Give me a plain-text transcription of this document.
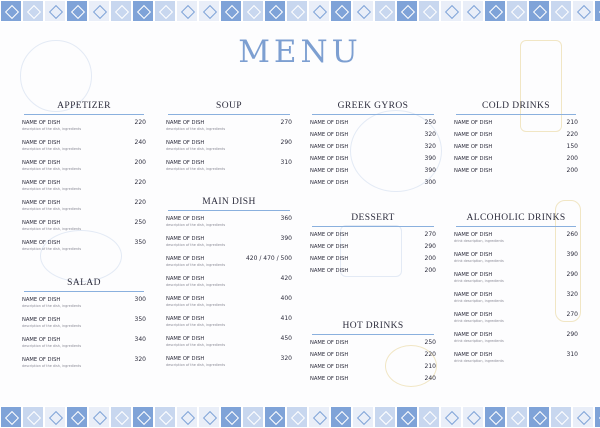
MENU
APPETIZER
NAME OF DISH
description of the dish, ingredients
220
NAME OF DISH
description of the dish, ingredients
240
NAME OF DISH
description of the dish, ingredients
200
NAME OF DISH
description of the dish, ingredients
220
NAME OF DISH
description of the dish, ingredients
220
NAME OF DISH
description of the dish, ingredients
250
NAME OF DISH
description of the dish, ingredients
350
SALAD
NAME OF DISH
description of the dish, ingredients
300
NAME OF DISH
description of the dish, ingredients
350
NAME OF DISH
description of the dish, ingredients
340
NAME OF DISH
description of the dish, ingredients
320
SOUP
NAME OF DISH
description of the dish, ingredients
270
NAME OF DISH
description of the dish, ingredients
290
NAME OF DISH
description of the dish, ingredients
310
MAIN DISH
NAME OF DISH
description of the dish, ingredients
360
NAME OF DISH
description of the dish, ingredients
390
NAME OF DISH
description of the dish, ingredients
420 / 470 / 500
NAME OF DISH
description of the dish, ingredients
420
NAME OF DISH
description of the dish, ingredients
400
NAME OF DISH
description of the dish, ingredients
410
NAME OF DISH
description of the dish, ingredients
450
NAME OF DISH
description of the dish, ingredients
320
GREEK GYROS
NAME OF DISH	250
NAME OF DISH	320
NAME OF DISH	320
NAME OF DISH	390
NAME OF DISH	390
NAME OF DISH	300
DESSERT
NAME OF DISH	270
NAME OF DISH	290
NAME OF DISH	200
NAME OF DISH	200
HOT DRINKS
NAME OF DISH	250
NAME OF DISH	220
NAME OF DISH	210
NAME OF DISH	240
COLD DRINKS
NAME OF DISH	210
NAME OF DISH	220
NAME OF DISH	150
NAME OF DISH	200
NAME OF DISH	200
ALCOHOLIC DRINKS
NAME OF DISH
drink description, ingredients
260
NAME OF DISH
drink description, ingredients
390
NAME OF DISH
drink description, ingredients
290
NAME OF DISH
drink description, ingredients
320
NAME OF DISH
drink description, ingredients
270
NAME OF DISH
drink description, ingredients
290
NAME OF DISH
drink description, ingredients
310
